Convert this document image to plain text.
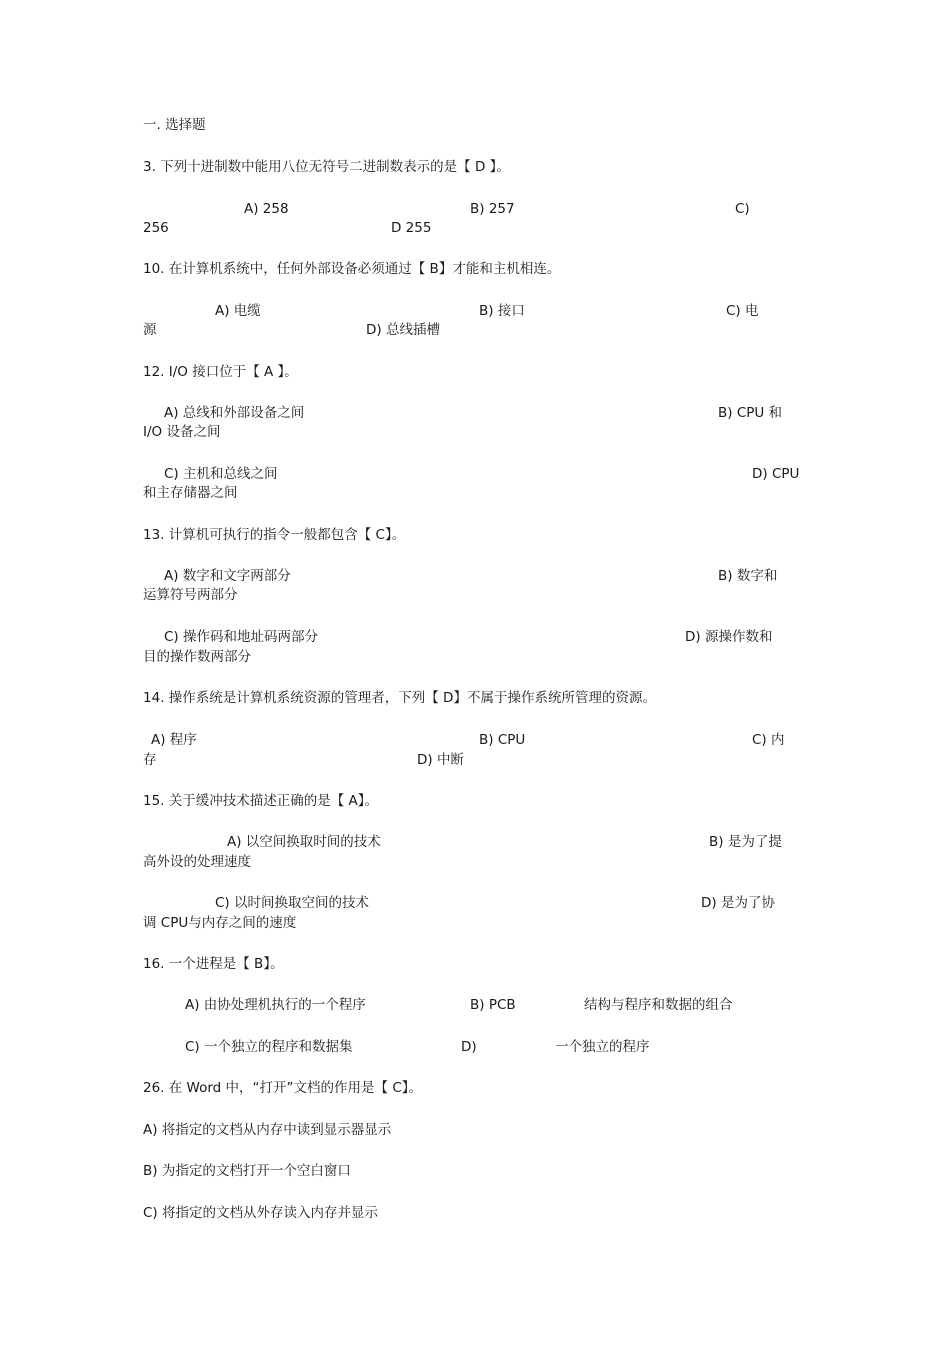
一. 选择题
3. 下列十进制数中能用八位无符号二进制数表示的是【 D 】。
A) 258	B) 257	C)
256	D 255
10. 在计算机系统中，任何外部设备必须通过【 B】才能和主机相连。
A) 电缆	B) 接口	C) 电
源	D) 总线插槽
12. I/O 接口位于【 A 】。
A) 总线和外部设备之间	B) CPU 和
I/O 设备之间
C) 主机和总线之间	D) CPU
和主存储器之间
13. 计算机可执行的指令一般都包含【 C】。
A) 数字和文字两部分	B) 数字和
运算符号两部分
C) 操作码和地址码两部分	D) 源操作数和
目的操作数两部分
14. 操作系统是计算机系统资源的管理者，下列【 D】不属于操作系统所管理的资源。
A) 程序	B) CPU	C) 内
存	D) 中断
15. 关于缓冲技术描述正确的是【 A】。
A) 以空间换取时间的技术	B) 是为了提
高外设的处理速度
C) 以时间换取空间的技术	D) 是为了协
调 CPU与内存之间的速度
16. 一个进程是【 B】。
A) 由协处理机执行的一个程序	B) PCB	结构与程序和数据的组合
C) 一个独立的程序和数据集	D)	一个独立的程序
26. 在 Word 中，“打开”文档的作用是【 C】。
A) 将指定的文档从内存中读到显示器显示
B) 为指定的文档打开一个空白窗口
C) 将指定的文档从外存读入内存并显示
